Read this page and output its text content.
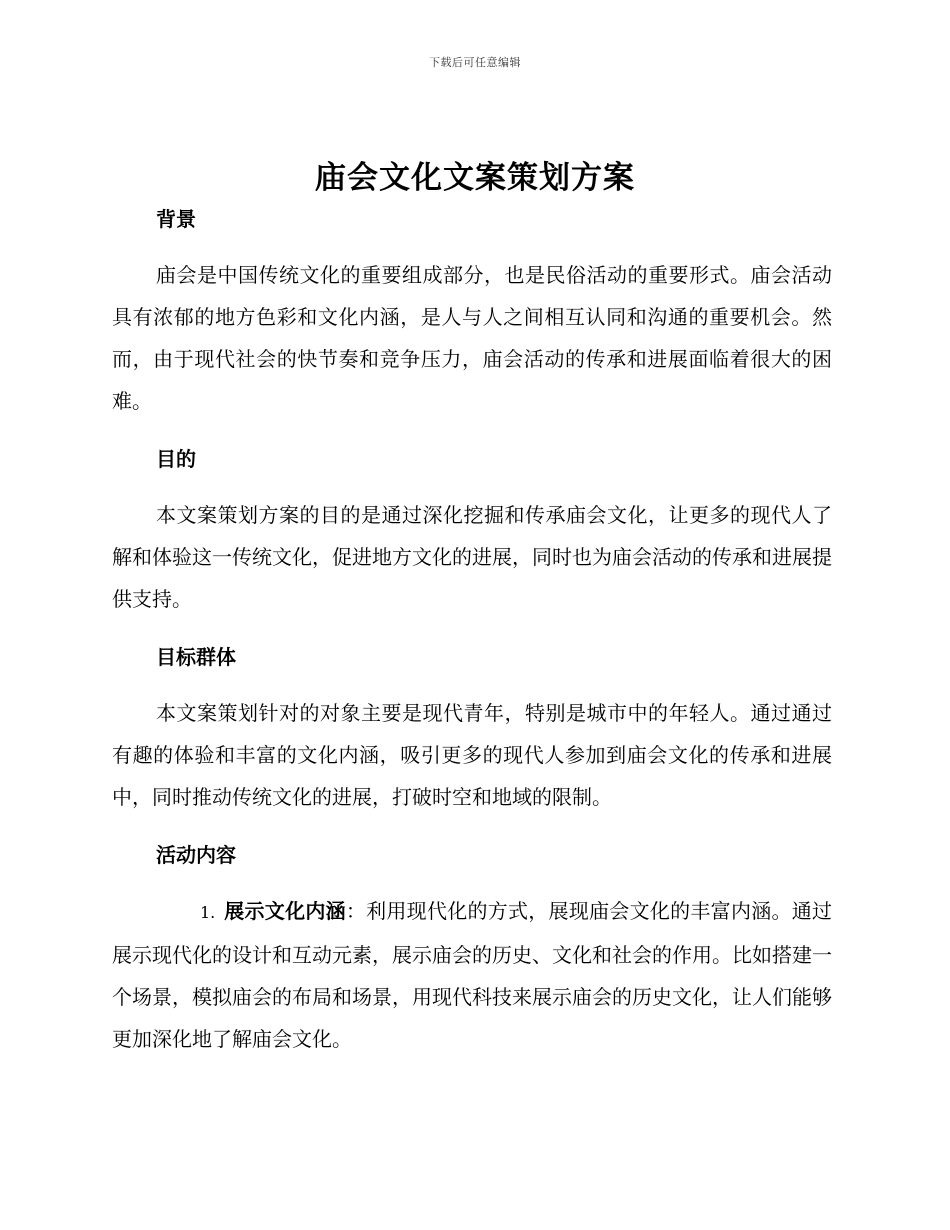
下载后可任意编辑
庙会文化文案策划方案

背景

庙会是中国传统文化的重要组成部分，也是民俗活动的重要形式。庙会活动具有浓郁的地方色彩和文化内涵，是人与人之间相互认同和沟通的重要机会。然而，由于现代社会的快节奏和竞争压力，庙会活动的传承和进展面临着很大的困难。

目的

本文案策划方案的目的是通过深化挖掘和传承庙会文化，让更多的现代人了解和体验这一传统文化，促进地方文化的进展，同时也为庙会活动的传承和进展提供支持。

目标群体

本文案策划针对的对象主要是现代青年，特别是城市中的年轻人。通过通过有趣的体验和丰富的文化内涵，吸引更多的现代人参加到庙会文化的传承和进展中，同时推动传统文化的进展，打破时空和地域的限制。

活动内容

1. 展示文化内涵：利用现代化的方式，展现庙会文化的丰富内涵。通过展示现代化的设计和互动元素，展示庙会的历史、文化和社会的作用。比如搭建一个场景，模拟庙会的布局和场景，用现代科技来展示庙会的历史文化，让人们能够更加深化地了解庙会文化。
